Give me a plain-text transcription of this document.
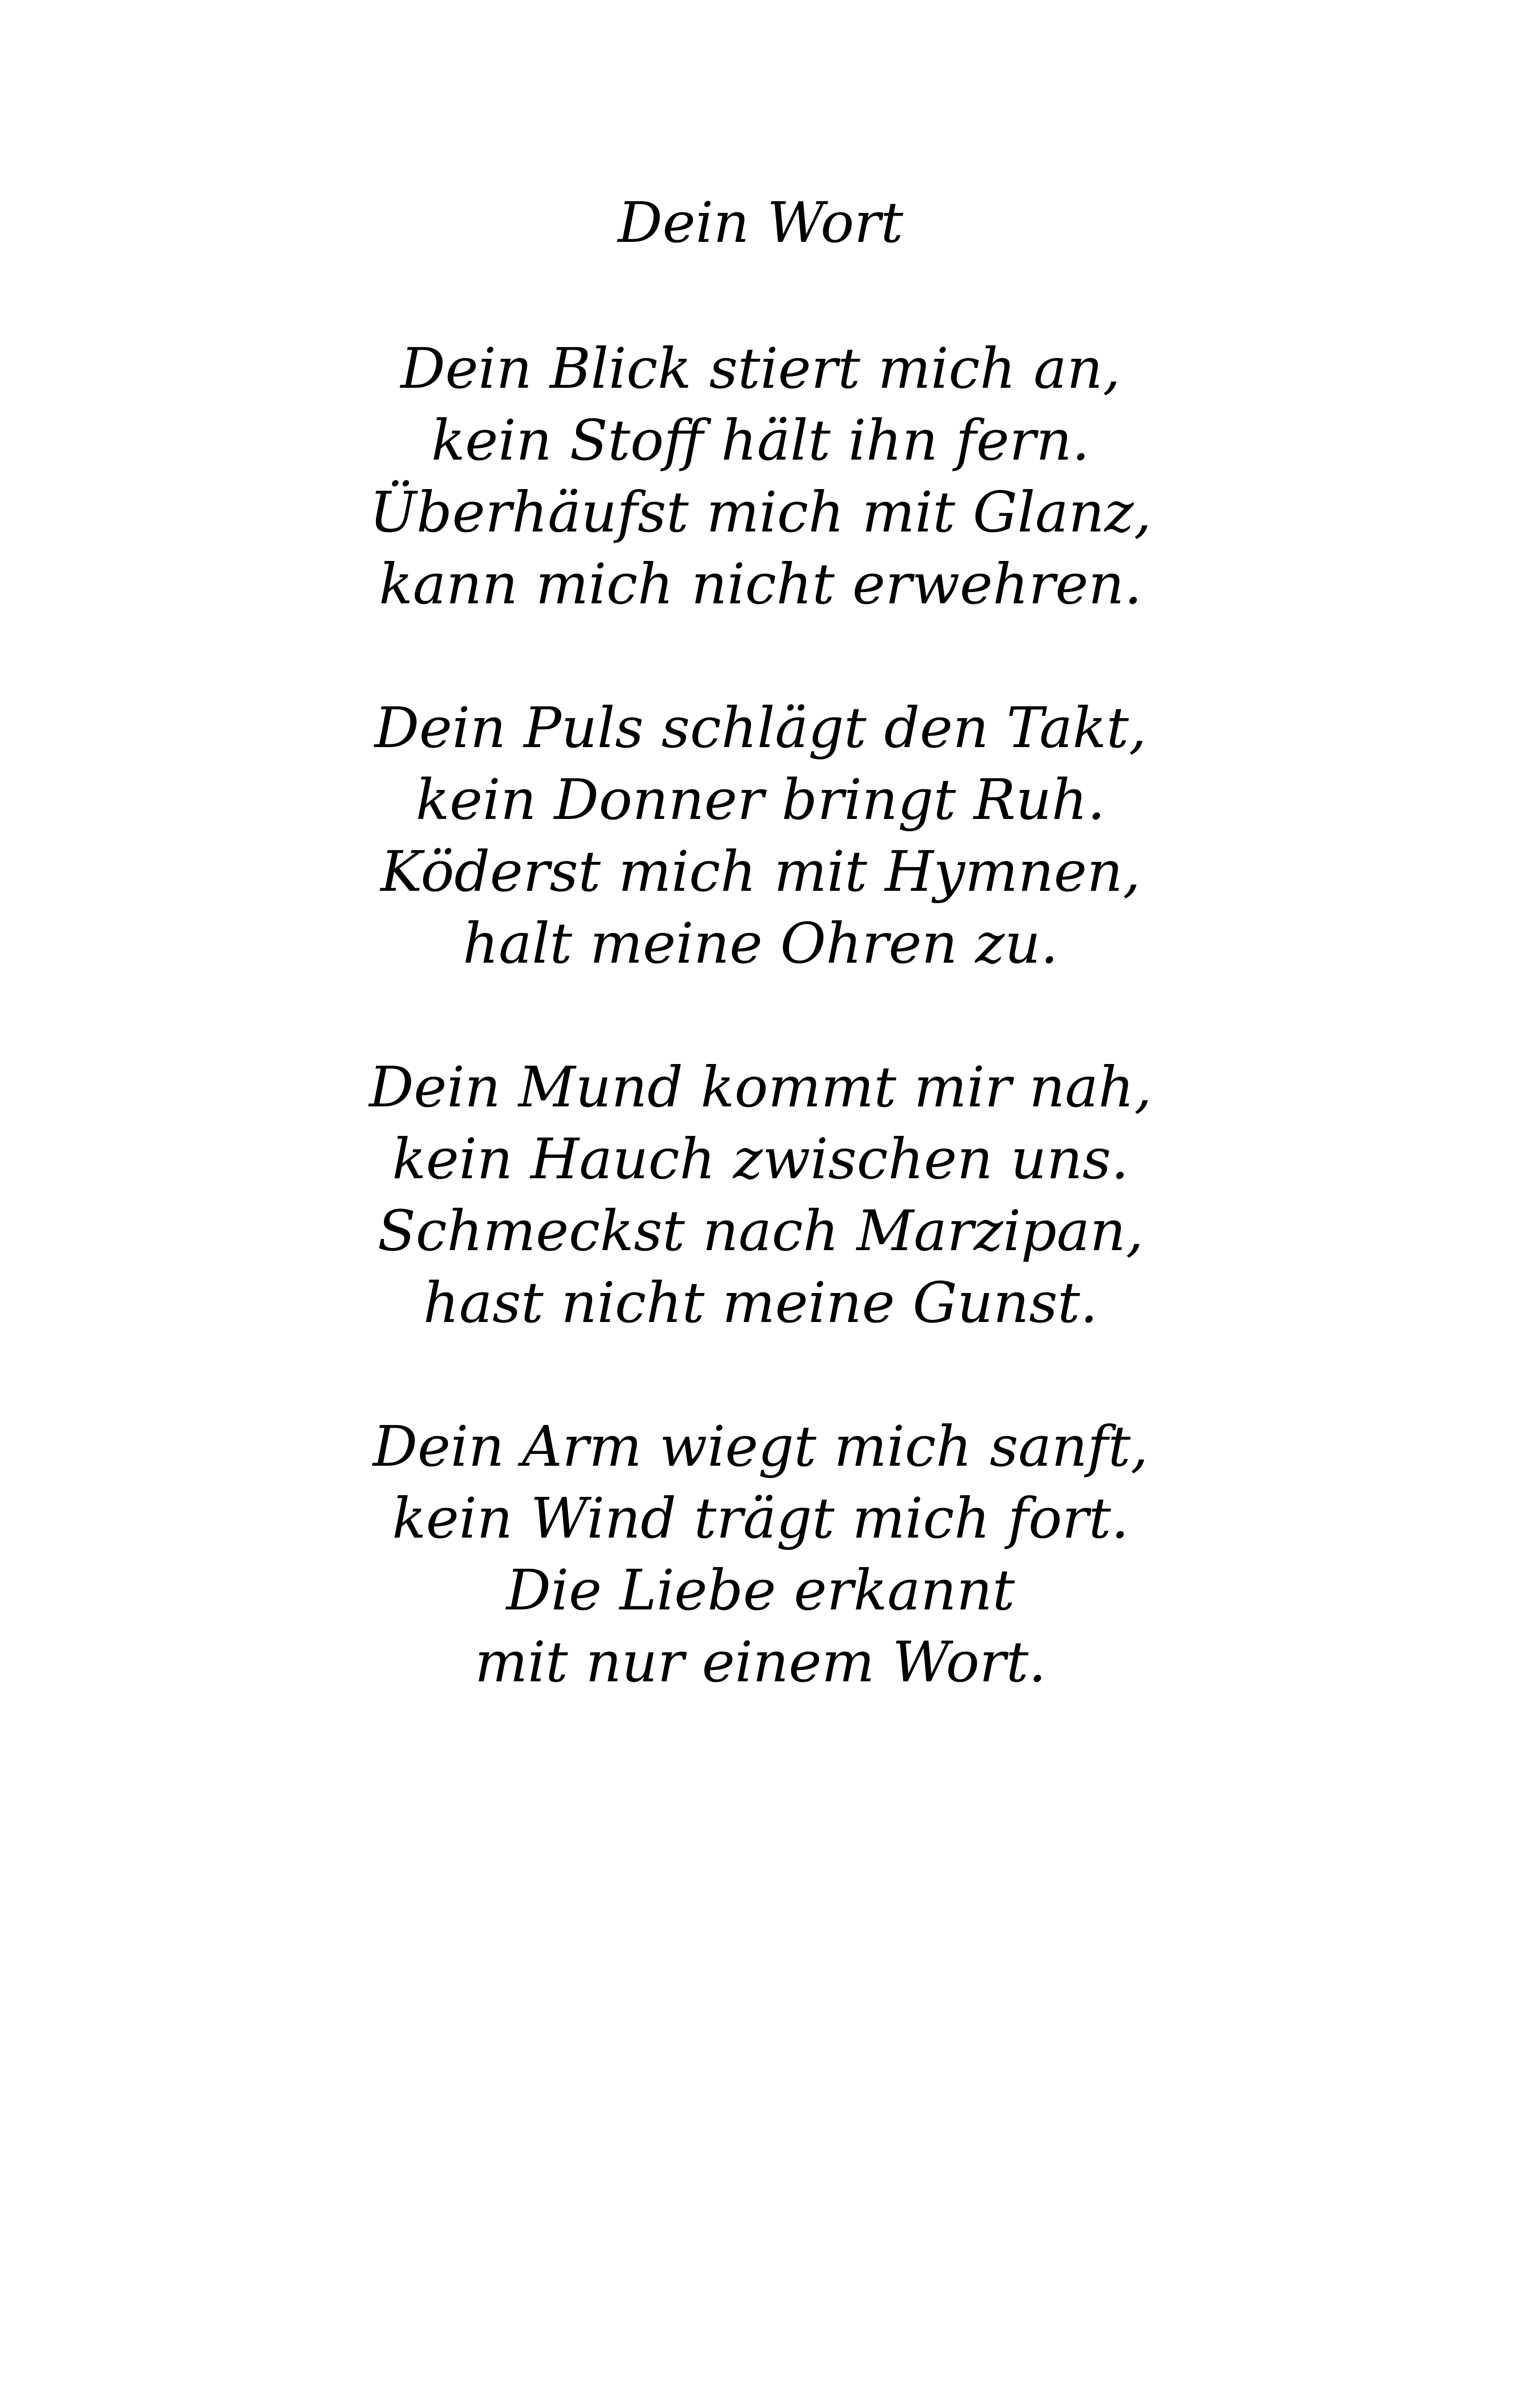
Dein Wort
Dein Blick stiert mich an,
kein Stoff hält ihn fern.
Überhäufst mich mit Glanz,
kann mich nicht erwehren.
Dein Puls schlägt den Takt,
kein Donner bringt Ruh.
Köderst mich mit Hymnen,
halt meine Ohren zu.
Dein Mund kommt mir nah,
kein Hauch zwischen uns.
Schmeckst nach Marzipan,
hast nicht meine Gunst.
Dein Arm wiegt mich sanft,
kein Wind trägt mich fort.
Die Liebe erkannt
mit nur einem Wort.
